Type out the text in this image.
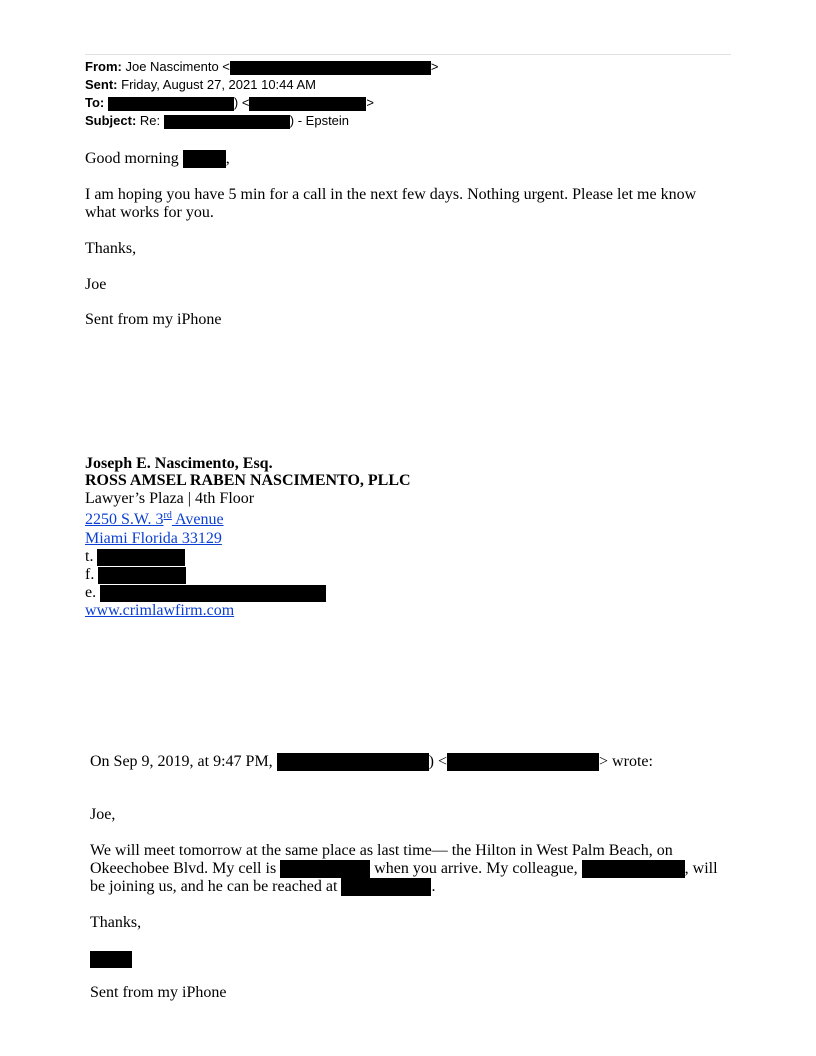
From: Joe Nascimento <	>
Sent: Friday, August 27, 2021 10:44 AM
To:	) <	>
Subject: Re:	) - Epstein
Good morning	,
I am hoping you have 5 min for a call in the next few days. Nothing urgent. Please let me know
what works for you.
Thanks,
Joe
Sent from my iPhone
Joseph E. Nascimento, Esq.
ROSS AMSEL RABEN NASCIMENTO, PLLC
Lawyer’s Plaza | 4th Floor
2250 S.W. 3rd Avenue
Miami Florida 33129
t.
f.
e.
www.crimlawfirm.com
On Sep 9, 2019, at 9:47 PM,	) <	> wrote:
Joe,
We will meet tomorrow at the same place as last time— the Hilton in West Palm Beach, on
Okeechobee Blvd. My cell is	when you arrive. My colleague,	, will
be joining us, and he can be reached at	.
Thanks,
Sent from my iPhone
